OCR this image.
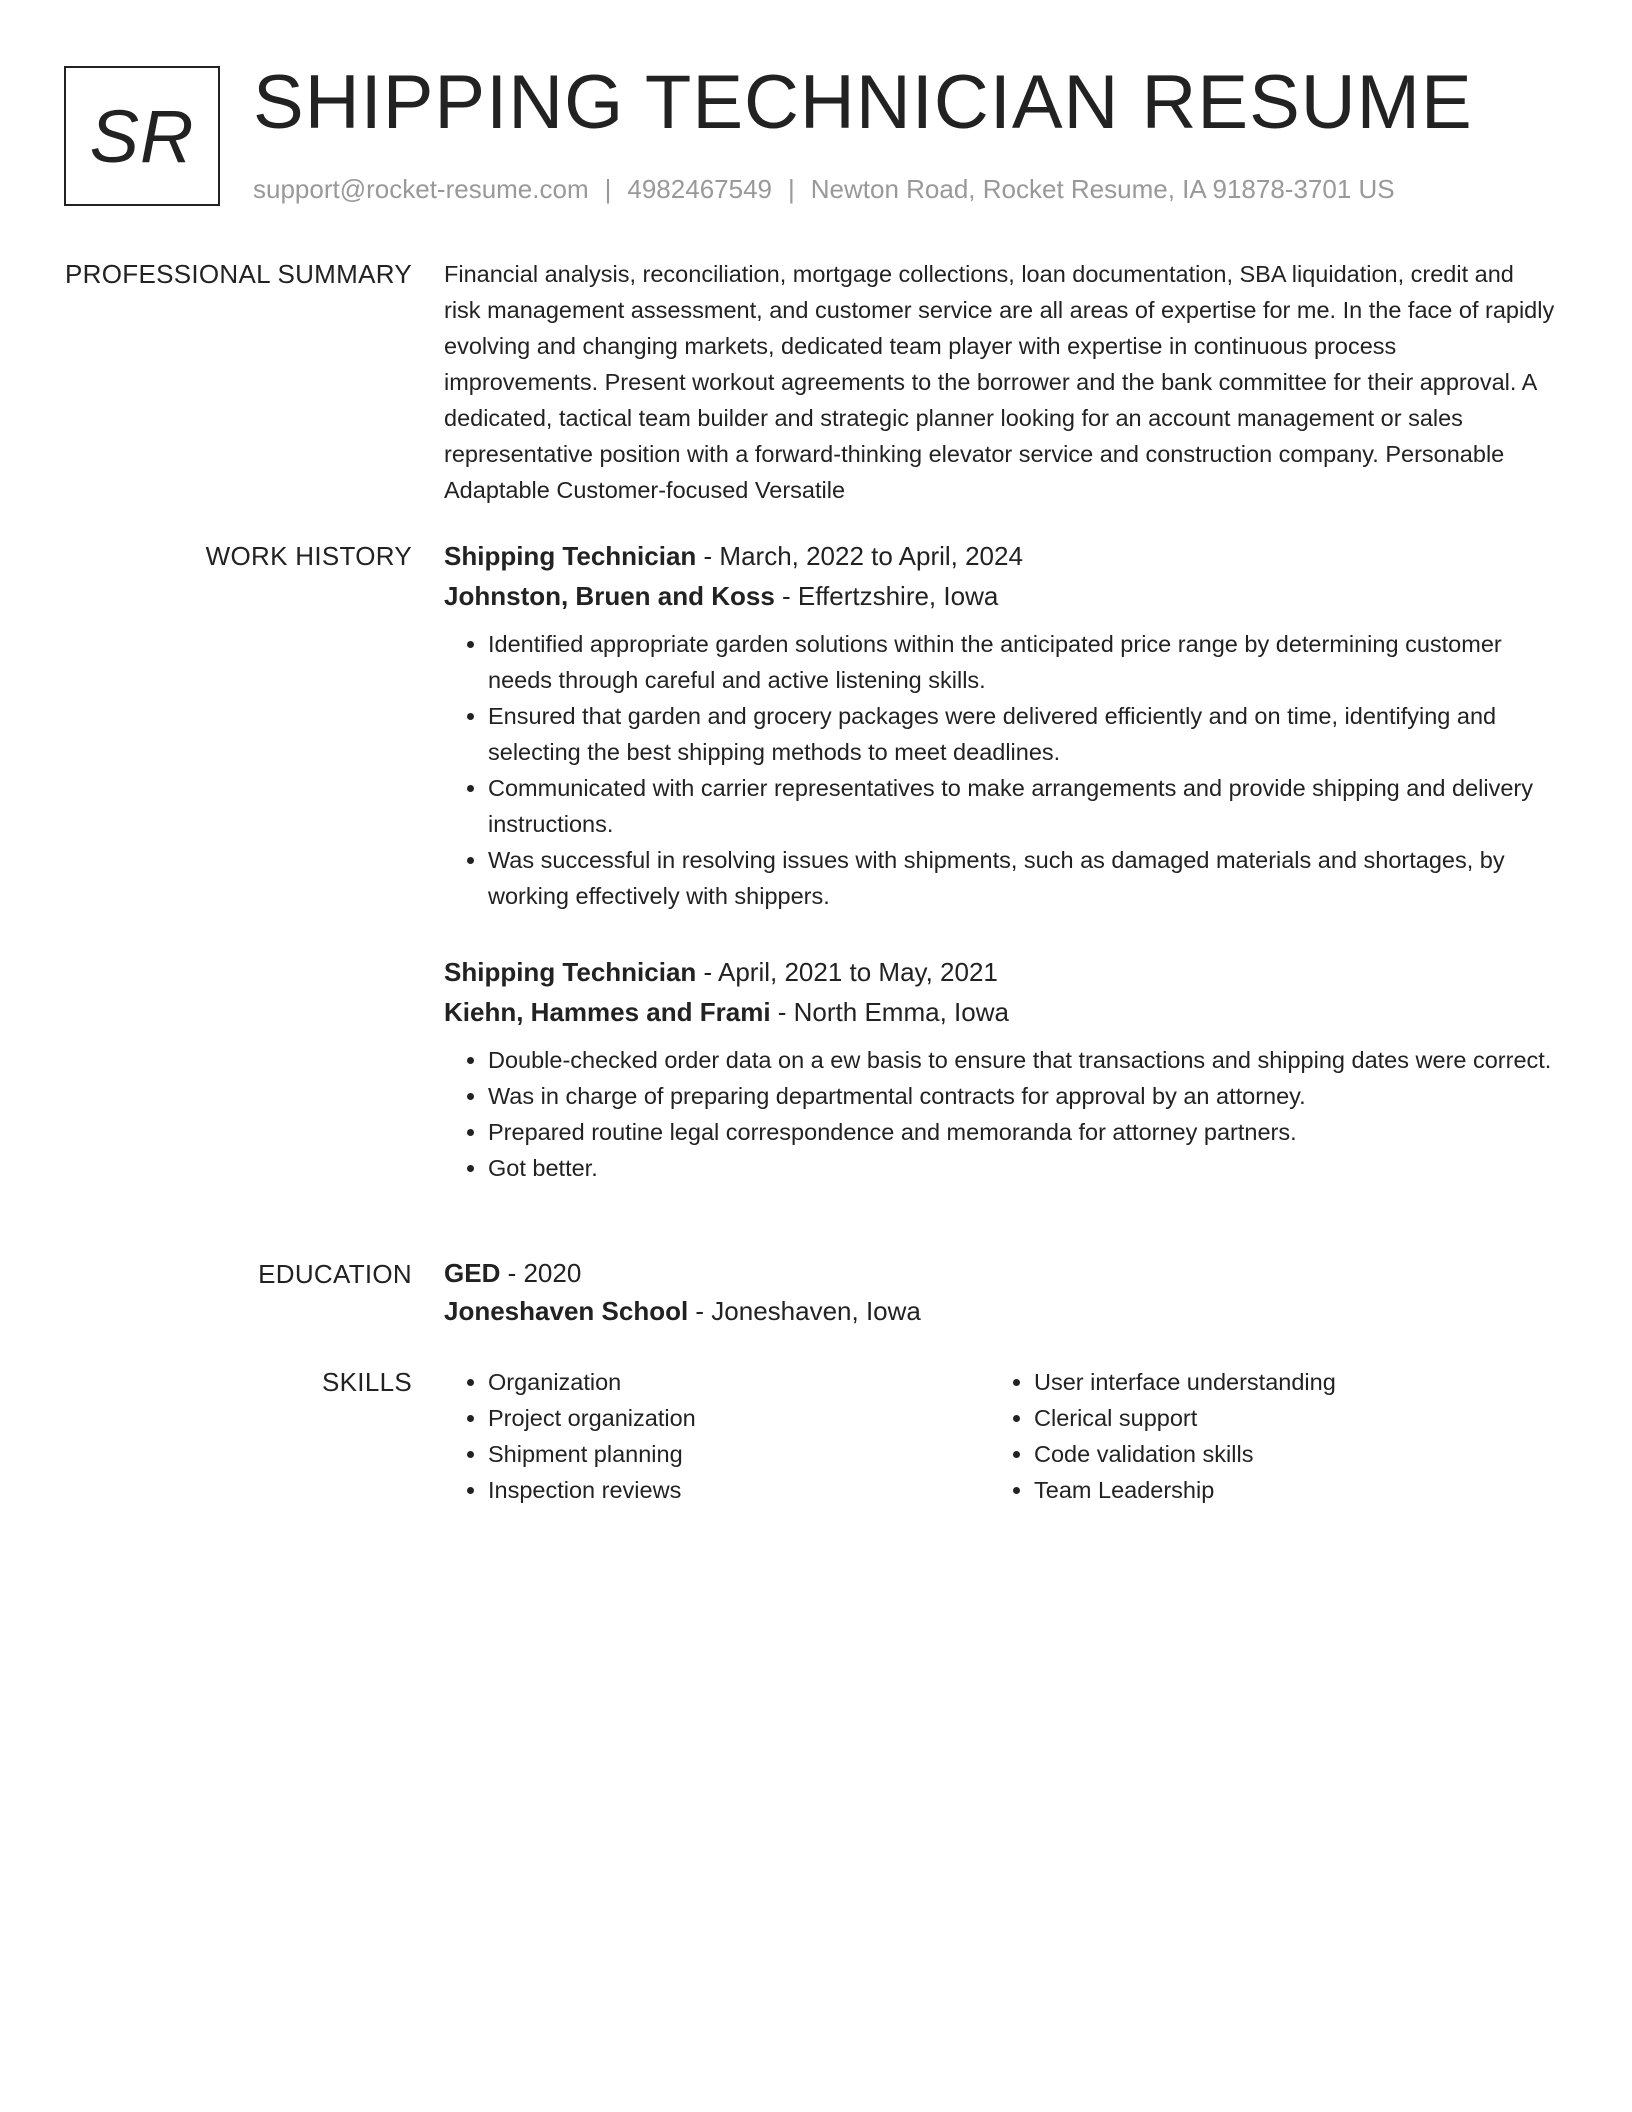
SR SHIPPING TECHNICIAN RESUME
support@rocket-resume.com | 4982467549 | Newton Road, Rocket Resume, IA 91878-3701 US
PROFESSIONAL SUMMARY Financial analysis, reconciliation, mortgage collections, loan documentation, SBA liquidation, credit and risk management assessment, and customer service are all areas of expertise for me. In the face of rapidly evolving and changing markets, dedicated team player with expertise in continuous process improvements. Present workout agreements to the borrower and the bank committee for their approval. A dedicated, tactical team builder and strategic planner looking for an account management or sales representative position with a forward-thinking elevator service and construction company. Personable Adaptable Customer-focused Versatile

WORK HISTORY Shipping Technician - March, 2022 to April, 2024

Johnston, Bruen and Koss - Effertzshire, Iowa

• Identified appropriate garden solutions within the anticipated price range by determining customer needs through careful and active listening skills.
• Ensured that garden and grocery packages were delivered efficiently and on time, identifying and selecting the best shipping methods to meet deadlines.
• Communicated with carrier representatives to make arrangements and provide shipping and delivery instructions.
• Was successful in resolving issues with shipments, such as damaged materials and shortages, by working effectively with shippers.

Shipping Technician - April, 2021 to May, 2021

Kiehn, Hammes and Frami - North Emma, Iowa

• Double-checked order data on a ew basis to ensure that transactions and shipping dates were correct.
• Was in charge of preparing departmental contracts for approval by an attorney.
• Prepared routine legal correspondence and memoranda for attorney partners.
• Got better.
EDUCATION GED - 2020

Joneshaven School - Joneshaven, Iowa

SKILLS
•	Organization
• Project organization
• Shipment planning
• Inspection reviews
• User interface understanding
• Clerical support
• Code validation skills
• Team Leadership
